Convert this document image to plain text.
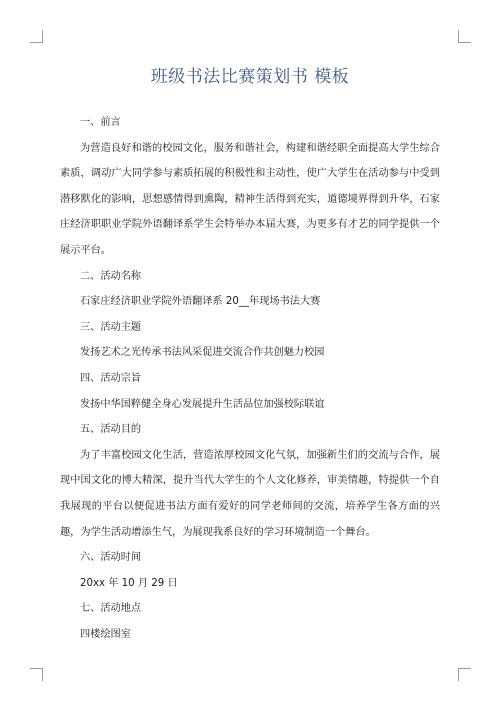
班级书法比赛策划书 模板

一、前言

为营造良好和谐的校园文化，服务和谐社会，构建和谐经职全面提高大学生综合素质，调动广大同学参与素质拓展的积极性和主动性，使广大学生在活动参与中受到潜移默化的影响，思想感情得到熏陶，精神生活得到充实，道德境界得到升华，石家庄经济职职业学院外语翻译系学生会特举办本届大赛，为更多有才艺的同学提供一个展示平台。

二、活动名称

石家庄经济职业学院外语翻译系 20__年现场书法大赛

三、活动主题

发扬艺术之光传承书法风采促进交流合作共创魅力校园

四、活动宗旨

发扬中华国粹健全身心发展提升生活品位加强校际联谊

五、活动目的

为了丰富校园文化生活，营造浓厚校园文化气氛，加强新生们的交流与合作，展现中国文化的博大精深，提升当代大学生的个人文化修养，审美情趣，特提供一个自我展现的平台以便促进书法方面有爱好的同学老师间的交流，培养学生各方面的兴趣，为学生活动增添生气，为展现我系良好的学习环境制造一个舞台。

六、活动时间

20xx 年 10 月 29 日

七、活动地点

四楼绘图室
